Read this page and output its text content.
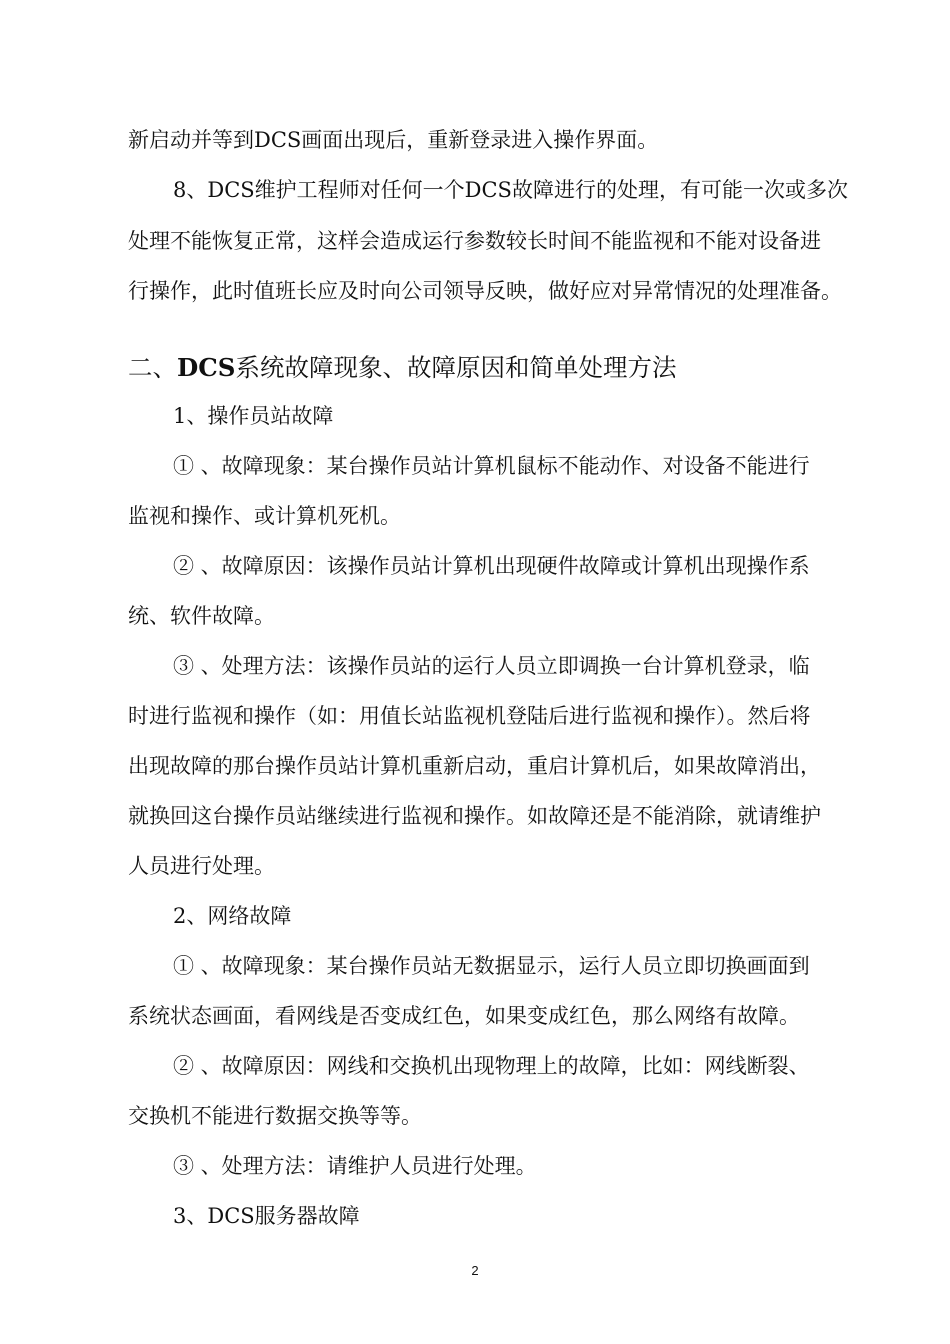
新启动并等到DCS画面出现后，重新登录进入操作界面。
8、DCS维护工程师对任何一个DCS故障进行的处理，有可能一次或多次
处理不能恢复正常，这样会造成运行参数较长时间不能监视和不能对设备进
行操作，此时值班长应及时向公司领导反映，做好应对异常情况的处理准备。
二、DCS系统故障现象、故障原因和简单处理方法
1、操作员站故障
① 、故障现象：某台操作员站计算机鼠标不能动作、对设备不能进行
监视和操作、或计算机死机。
② 、故障原因：该操作员站计算机出现硬件故障或计算机出现操作系
统、软件故障。
③ 、处理方法：该操作员站的运行人员立即调换一台计算机登录，临
时进行监视和操作（如：用值长站监视机登陆后进行监视和操作）。然后将
出现故障的那台操作员站计算机重新启动，重启计算机后，如果故障消出，
就换回这台操作员站继续进行监视和操作。如故障还是不能消除，就请维护
人员进行处理。
2、网络故障
① 、故障现象：某台操作员站无数据显示，运行人员立即切换画面到
系统状态画面，看网线是否变成红色，如果变成红色，那么网络有故障。
② 、故障原因：网线和交换机出现物理上的故障，比如：网线断裂、
交换机不能进行数据交换等等。
③ 、处理方法：请维护人员进行处理。
3、DCS服务器故障
2
